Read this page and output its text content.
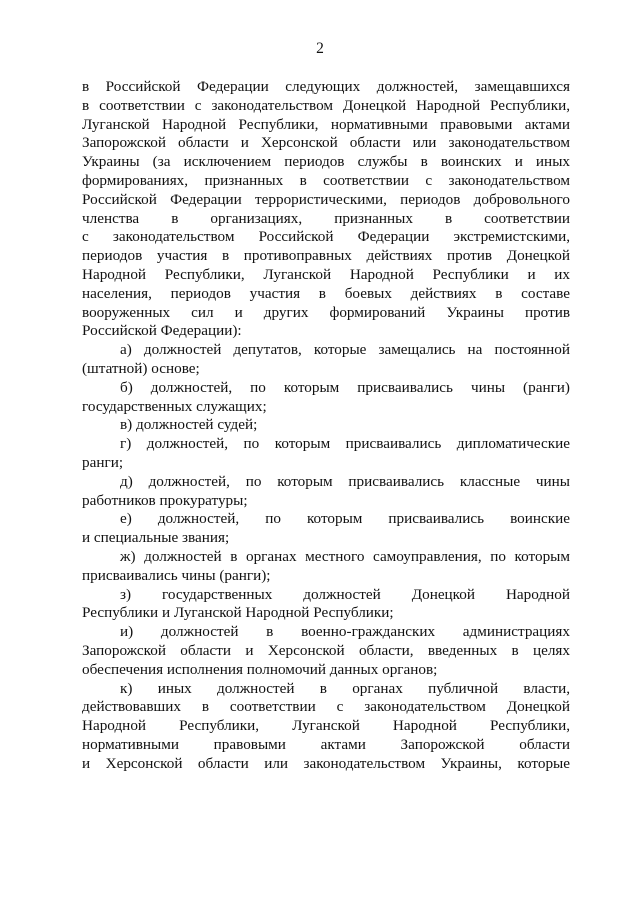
2
в Российской Федерации следующих должностей, замещавшихся
в соответствии с законодательством Донецкой Народной Республики,
Луганской Народной Республики, нормативными правовыми актами
Запорожской области и Херсонской области или законодательством
Украины (за исключением периодов службы в воинских и иных
формированиях, признанных в соответствии с законодательством
Российской Федерации террористическими, периодов добровольного
членства в организациях, признанных в соответствии
с законодательством Российской Федерации экстремистскими,
периодов участия в противоправных действиях против Донецкой
Народной Республики, Луганской Народной Республики и их
населения, периодов участия в боевых действиях в составе
вооруженных сил и других формирований Украины против
Российской Федерации):
а) должностей депутатов, которые замещались на постоянной
(штатной) основе;
б) должностей, по которым присваивались чины (ранги)
государственных служащих;
в) должностей судей;
г) должностей, по которым присваивались дипломатические
ранги;
д) должностей, по которым присваивались классные чины
работников прокуратуры;
е) должностей, по которым присваивались воинские
и специальные звания;
ж) должностей в органах местного самоуправления, по которым
присваивались чины (ранги);
з) государственных должностей Донецкой Народной
Республики и Луганской Народной Республики;
и) должностей в военно-гражданских администрациях
Запорожской области и Херсонской области, введенных в целях
обеспечения исполнения полномочий данных органов;
к) иных должностей в органах публичной власти,
действовавших в соответствии с законодательством Донецкой
Народной Республики, Луганской Народной Республики,
нормативными правовыми актами Запорожской области
и Херсонской области или законодательством Украины, которые
